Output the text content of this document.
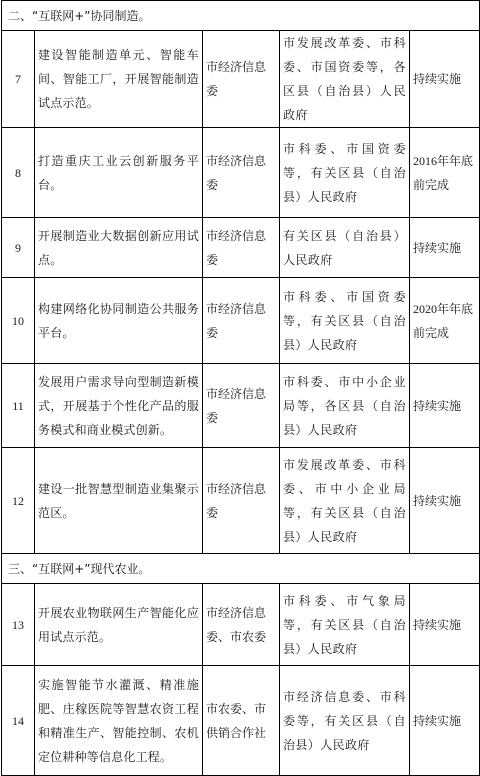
二、“互联网+”协同制造。				
7	建设智能制造单元、智能车间、智能工厂，开展智能制造试点示范。	市经济信息委	市发展改革委、市科委、市国资委等，各区县（自治县）人民政府	持续实施
8	打造重庆工业云创新服务平台。	市经济信息委	市科委、市国资委等，有关区县（自治县）人民政府	2016年年底前完成
9	开展制造业大数据创新应用试点。	市经济信息委	有关区县（自治县）人民政府	持续实施
10	构建网络化协同制造公共服务平台。	市经济信息委	市科委、市国资委等，有关区县（自治县）人民政府	2020年年底前完成
11	发展用户需求导向型制造新模式，开展基于个性化产品的服务模式和商业模式创新。	市经济信息委	市科委、市中小企业局等，各区县（自治县）人民政府	持续实施
12	建设一批智慧型制造业集聚示范区。	市经济信息委	市发展改革委、市科委、市中小企业局等，有关区县（自治县）人民政府	持续实施
三、“互联网+”现代农业。				
13	开展农业物联网生产智能化应用试点示范。	市经济信息委、市农委	市科委、市气象局等，有关区县（自治县）人民政府	持续实施
14	实施智能节水灌溉、精准施肥、庄稼医院等智慧农资工程和精准生产、智能控制、农机定位耕种等信息化工程。	市农委、市供销合作社	市经济信息委、市科委等，有关区县（自治县）人民政府	持续实施
